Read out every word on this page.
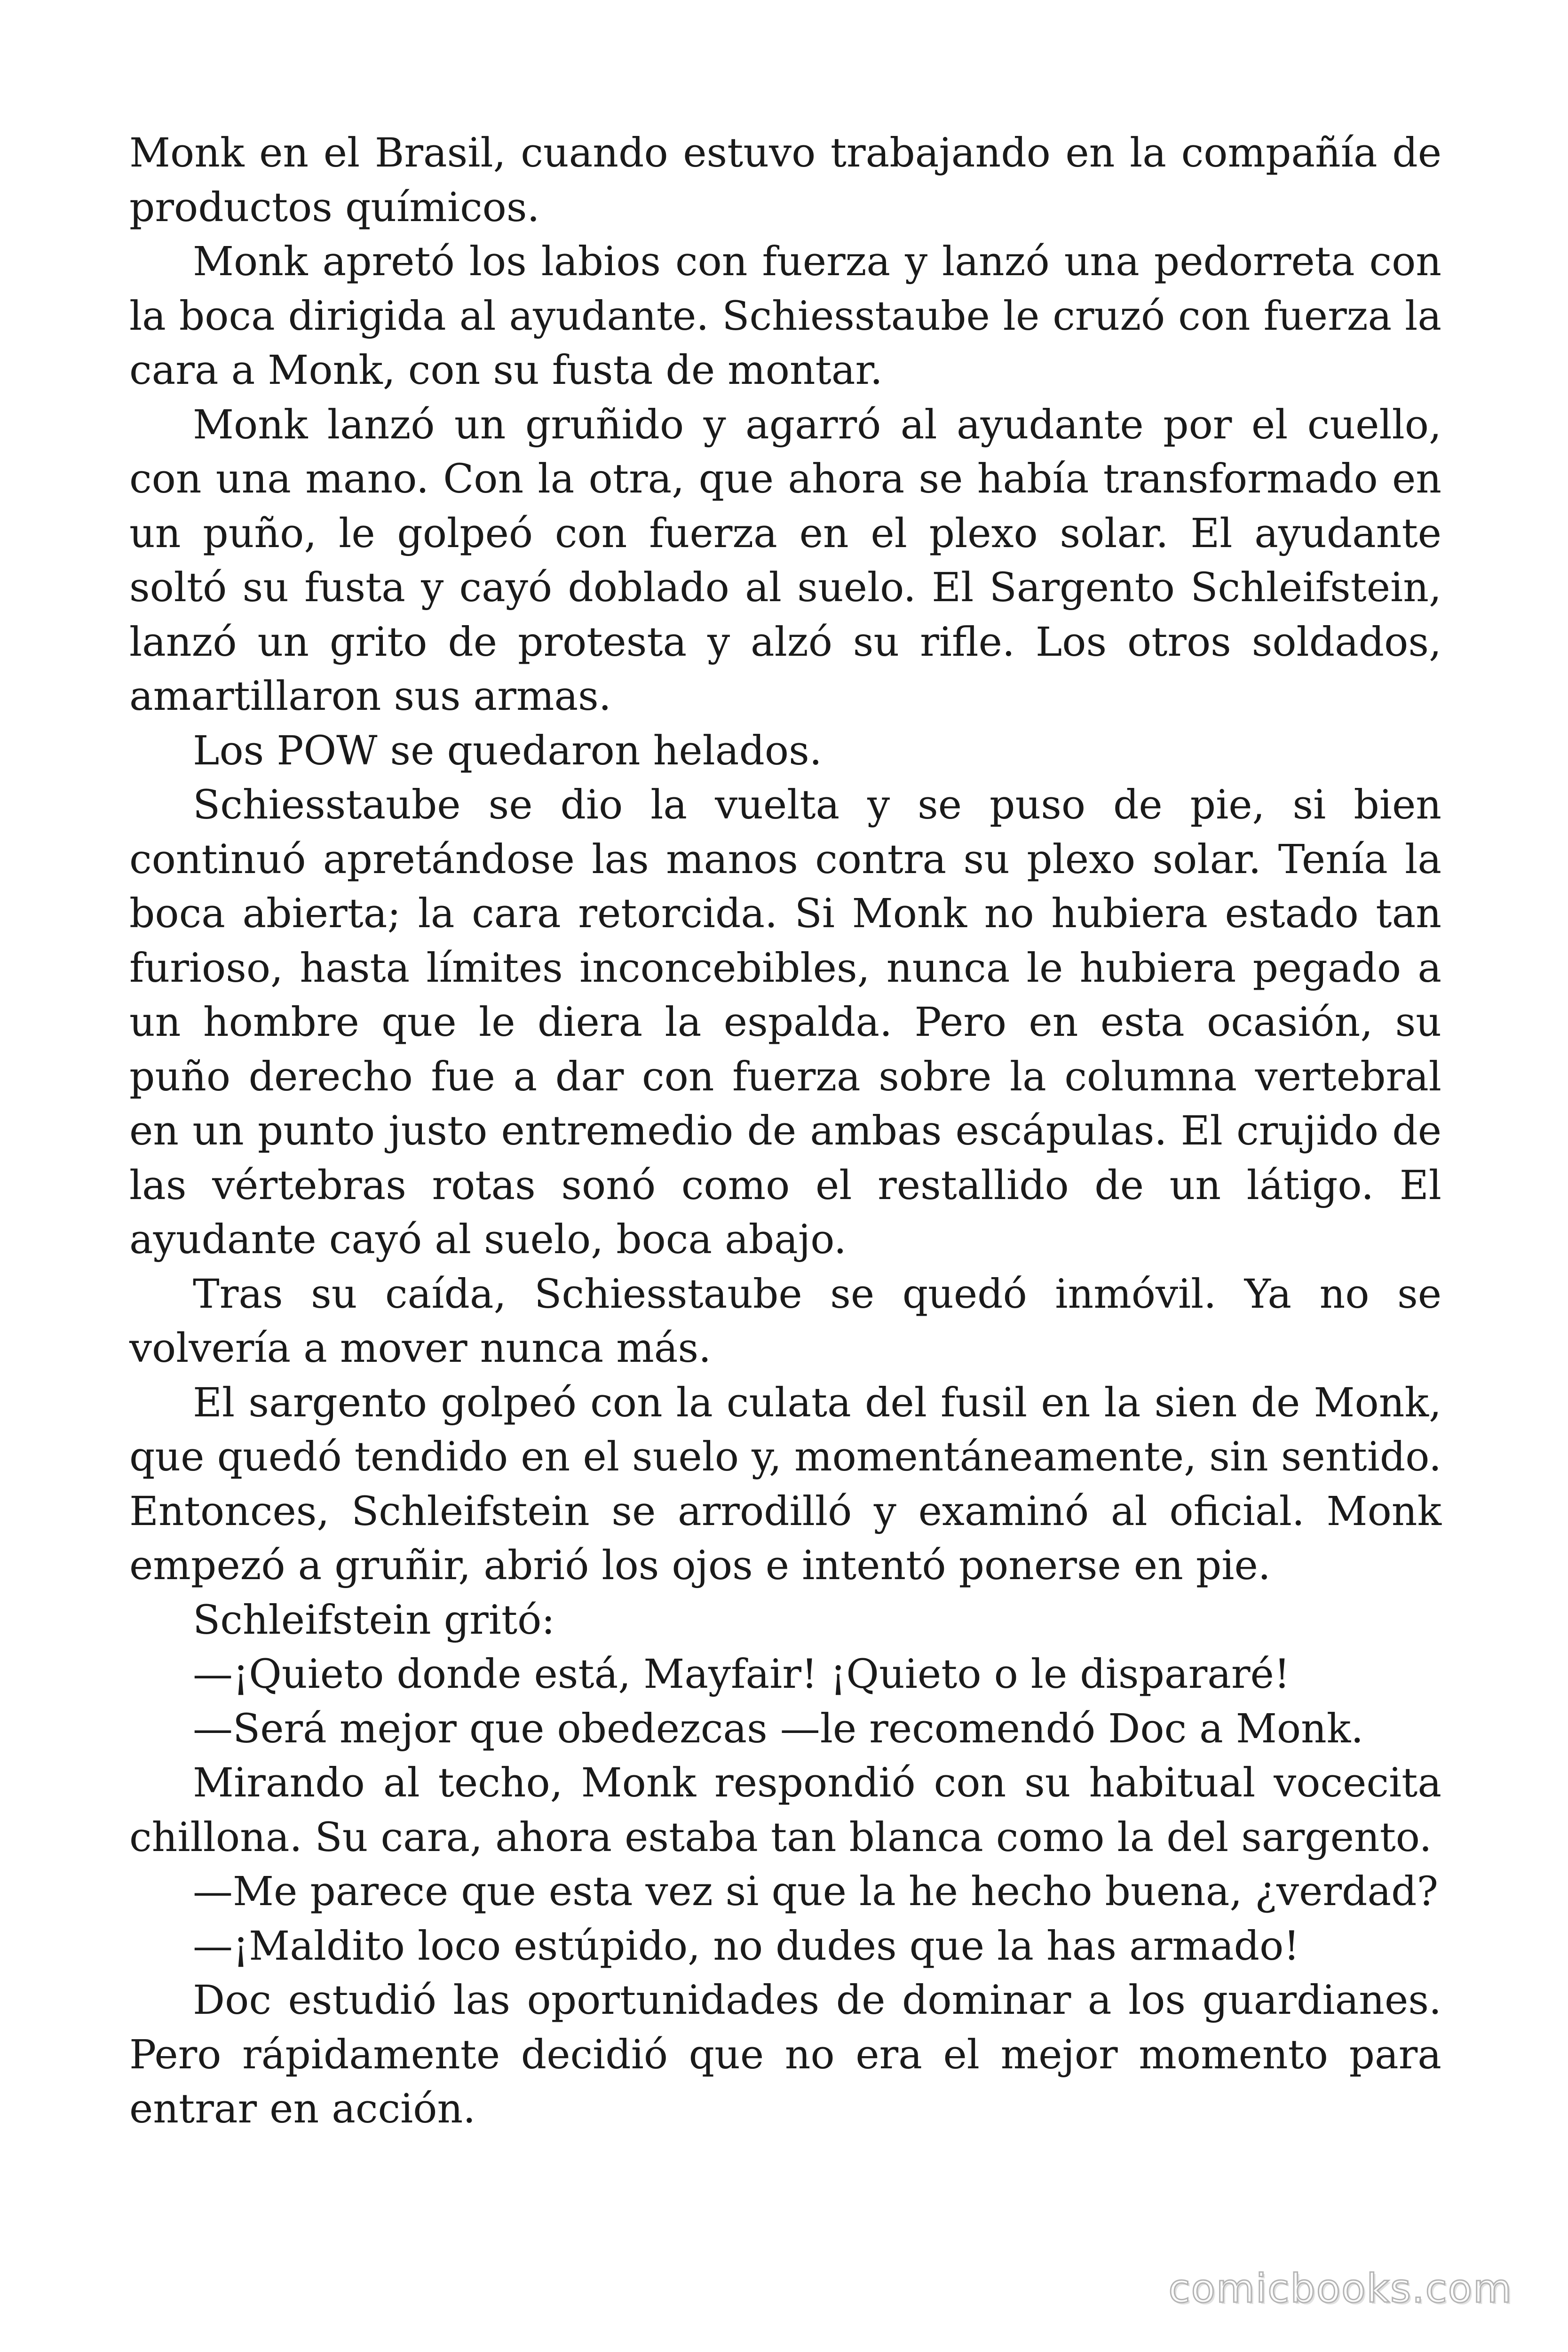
Monk en el Brasil, cuando estuvo trabajando en la compañía de productos químicos.

Monk apretó los labios con fuerza y lanzó una pedorreta con la boca dirigida al ayudante. Schiesstaube le cruzó con fuerza la cara a Monk, con su fusta de montar.

Monk lanzó un gruñido y agarró al ayudante por el cuello, con una mano. Con la otra, que ahora se había transformado en un puño, le golpeó con fuerza en el plexo solar. El ayudante soltó su fusta y cayó doblado al suelo. El Sargento Schleifstein, lanzó un grito de protesta y alzó su rifle. Los otros soldados, amartillaron sus armas.

Los POW se quedaron helados.

Schiesstaube se dio la vuelta y se puso de pie, si bien continuó apretándose las manos contra su plexo solar. Tenía la boca abierta; la cara retorcida. Si Monk no hubiera estado tan furioso, hasta límites inconcebibles, nunca le hubiera pegado a un hombre que le diera la espalda. Pero en esta ocasión, su puño derecho fue a dar con fuerza sobre la columna vertebral en un punto justo entremedio de ambas escápulas. El crujido de las vértebras rotas sonó como el restallido de un látigo. El ayudante cayó al suelo, boca abajo.

Tras su caída, Schiesstaube se quedó inmóvil. Ya no se volvería a mover nunca más.

El sargento golpeó con la culata del fusil en la sien de Monk, que quedó tendido en el suelo y, momentáneamente, sin sentido. Entonces, Schleifstein se arrodilló y examinó al oficial. Monk empezó a gruñir, abrió los ojos e intentó ponerse en pie.

Schleifstein gritó:

—¡Quieto donde está, Mayfair! ¡Quieto o le dispararé!

—Será mejor que obedezcas —le recomendó Doc a Monk.

Mirando al techo, Monk respondió con su habitual vocecita chillona. Su cara, ahora estaba tan blanca como la del sargento.

—Me parece que esta vez si que la he hecho buena, ¿verdad?

—¡Maldito loco estúpido, no dudes que la has armado!

Doc estudió las oportunidades de dominar a los guardianes. Pero rápidamente decidió que no era el mejor momento para entrar en acción.

comicbooks.com
